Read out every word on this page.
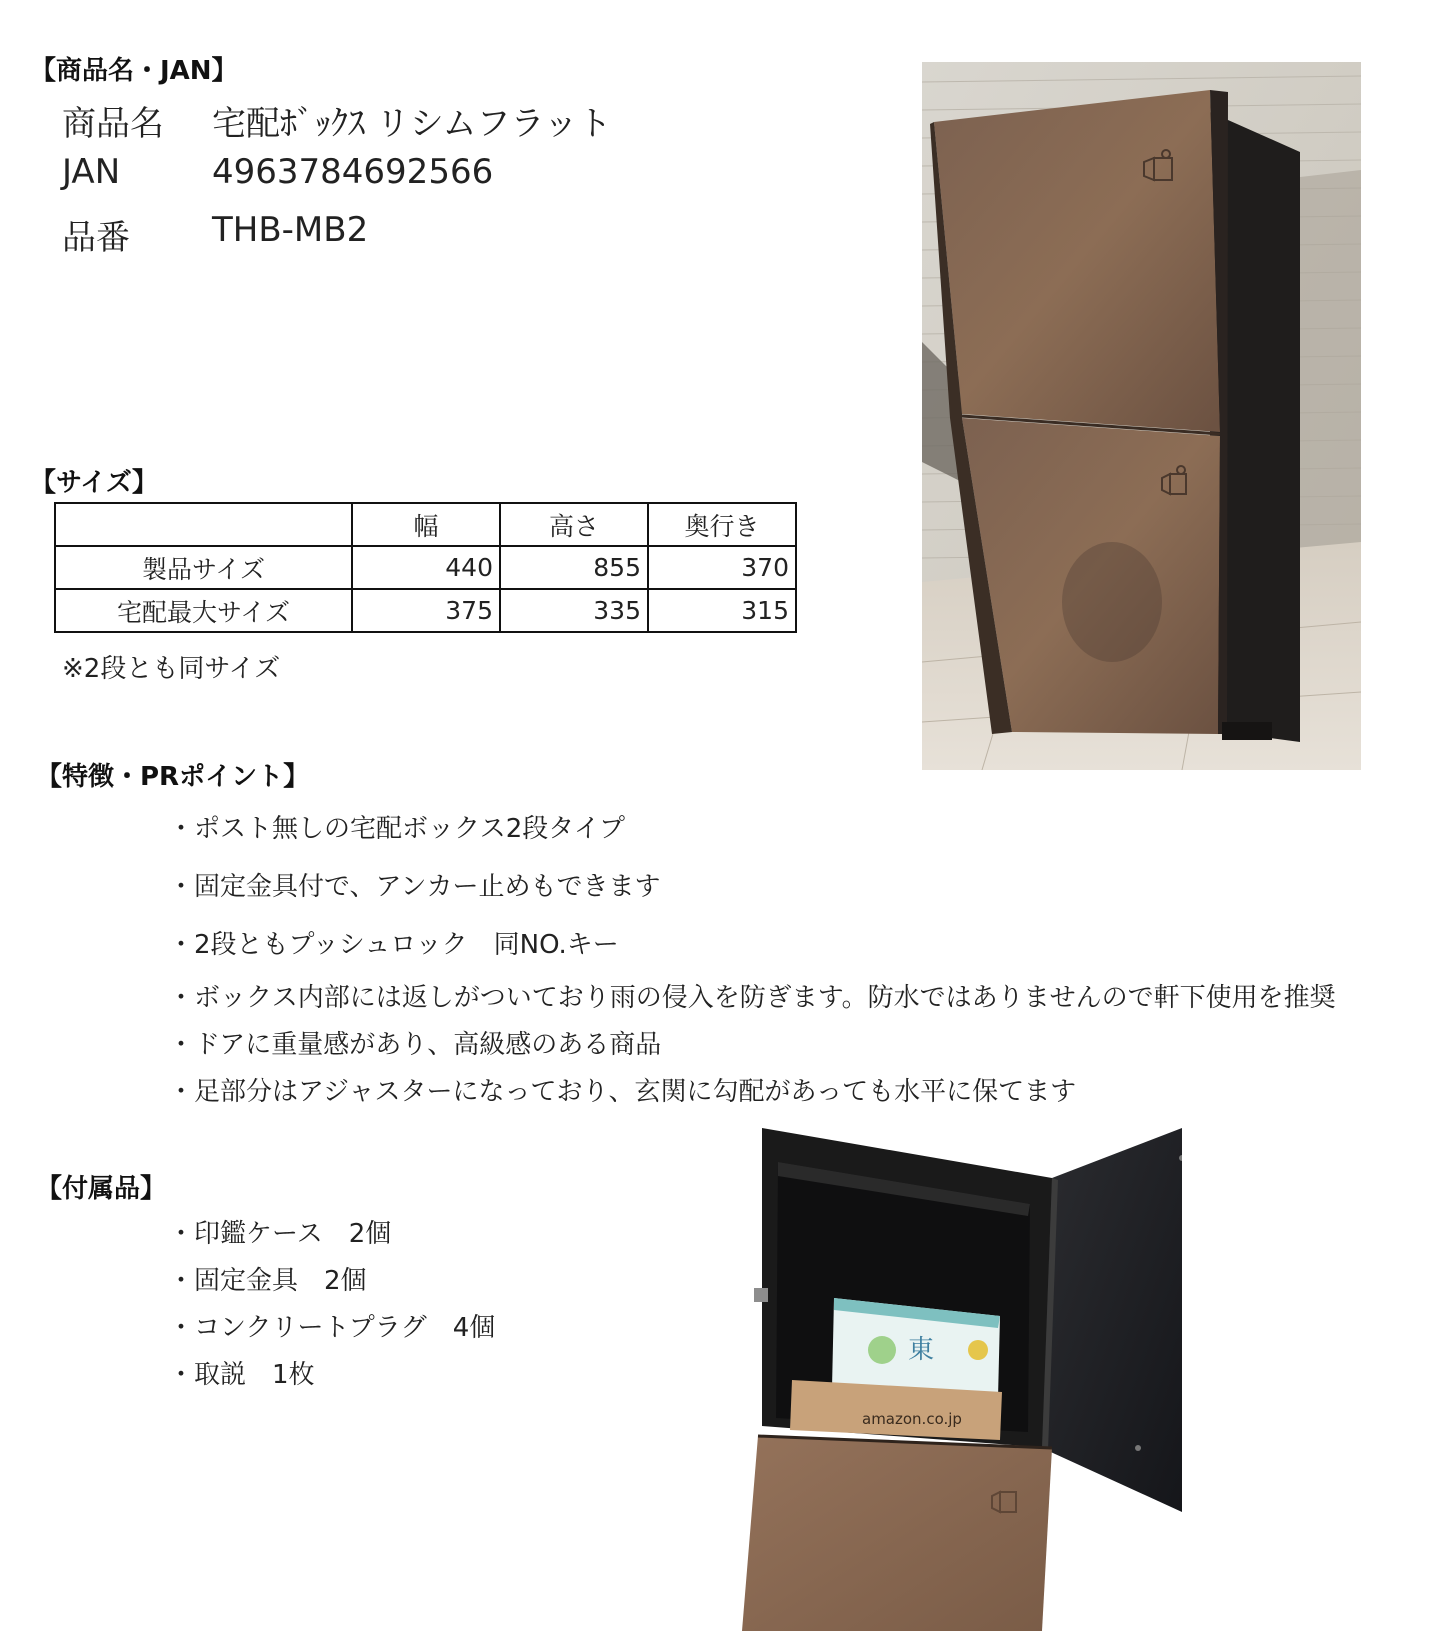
【商品名・JAN】
商品名	宅配ﾎﾞｯｸｽ リシムフラット
JAN	4963784692566
品番	THB-MB2
【サイズ】
	幅	高さ	奥行き
製品サイズ	440	855	370
宅配最大サイズ	375	335	315
※2段とも同サイズ
【特徴・PRポイント】
・ポスト無しの宅配ボックス2段タイプ
・固定金具付で、アンカー止めもできます
・2段ともプッシュロック　同NO.キー
・ボックス内部には返しがついており雨の侵入を防ぎます。防水ではありませんので軒下使用を推奨
・ドアに重量感があり、高級感のある商品
・足部分はアジャスターになっており、玄関に勾配があっても水平に保てます
【付属品】
・印鑑ケース　2個
・固定金具　2個
・コンクリートプラグ　4個
・取説　1枚
東
amazon.co.jp
